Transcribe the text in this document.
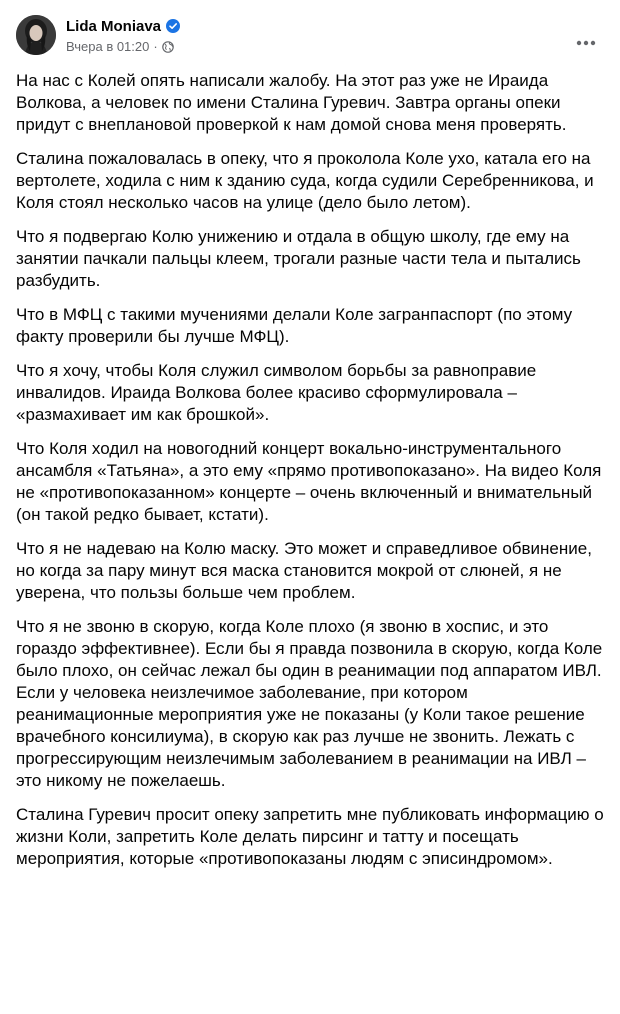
Lida Moniava
Вчера в 01:20 ·

На нас с Колей опять написали жалобу. На этот раз уже не Ираида Волкова, а человек по имени Сталина Гуревич. Завтра органы опеки придут с внеплановой проверкой к нам домой снова меня проверять.

Сталина пожаловалась в опеку, что я проколола Коле ухо, катала его на вертолете, ходила с ним к зданию суда, когда судили Серебренникова, и Коля стоял несколько часов на улице (дело было летом).

Что я подвергаю Колю унижению и отдала в общую школу, где ему на занятии пачкали пальцы клеем, трогали разные части тела и пытались разбудить.

Что в МФЦ с такими мучениями делали Коле загранпаспорт (по этому факту проверили бы лучше МФЦ).

Что я хочу, чтобы Коля служил символом борьбы за равноправие инвалидов. Ираида Волкова более красиво сформулировала – «размахивает им как брошкой».

Что Коля ходил на новогодний концерт вокально-инструментального ансамбля «Татьяна», а это ему «прямо противопоказано». На видео Коля не «противопоказанном» концерте – очень включенный и внимательный (он такой редко бывает, кстати).

Что я не надеваю на Колю маску. Это может и справедливое обвинение, но когда за пару минут вся маска становится мокрой от слюней, я не уверена, что пользы больше чем проблем.

Что я не звоню в скорую, когда Коле плохо (я звоню в хоспис, и это гораздо эффективнее). Если бы я правда позвонила в скорую, когда Коле было плохо, он сейчас лежал бы один в реанимации под аппаратом ИВЛ. Если у человека неизлечимое заболевание, при котором реанимационные мероприятия уже не показаны (у Коли такое решение врачебного консилиума), в скорую как раз лучше не звонить. Лежать с прогрессирующим неизлечимым заболеванием в реанимации на ИВЛ – это никому не пожелаешь.

Сталина Гуревич просит опеку запретить мне публиковать информацию о жизни Коли, запретить Коле делать пирсинг и татту и посещать мероприятия, которые «противопоказаны людям с эписиндромом».
